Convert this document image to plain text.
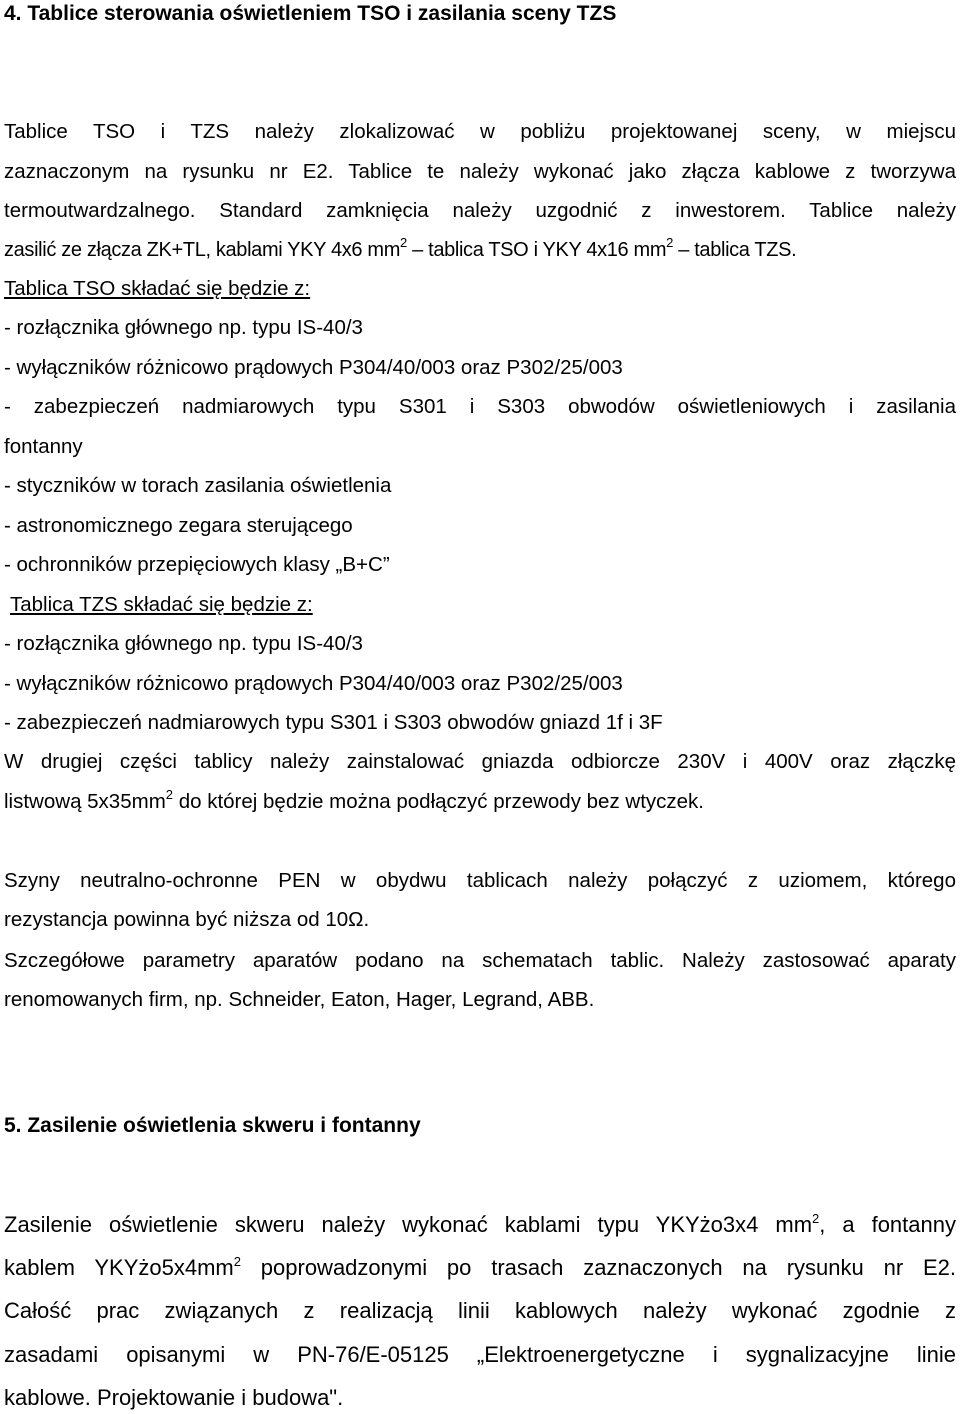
4. Tablice sterowania oświetleniem TSO i zasilania sceny TZS
Tablice TSO i TZS należy zlokalizować w pobliżu projektowanej sceny, w miejscu
zaznaczonym na rysunku nr E2. Tablice te należy wykonać jako złącza kablowe z tworzywa
termoutwardzalnego. Standard zamknięcia należy uzgodnić z inwestorem. Tablice należy
zasilić ze złącza ZK+TL, kablami YKY 4x6 $mm^2$ – tablica TSO i YKY 4x16 $mm^2$ – tablica TZS.
Tablica TSO składać się będzie z:
- rozłącznika głównego np. typu IS-40/3
- wyłączników różnicowo prądowych P304/40/003 oraz P302/25/003
- zabezpieczeń nadmiarowych typu S301 i S303 obwodów oświetleniowych i zasilania
fontanny
- styczników w torach zasilania oświetlenia
- astronomicznego zegara sterującego
- ochronników przepięciowych klasy „B+C”
Tablica TZS składać się będzie z:
- rozłącznika głównego np. typu IS-40/3
- wyłączników różnicowo prądowych P304/40/003 oraz P302/25/003
- zabezpieczeń nadmiarowych typu S301 i S303 obwodów gniazd 1f i 3F
W drugiej części tablicy należy zainstalować gniazda odbiorcze 230V i 400V oraz złączkę
listwową $5x35mm^2$ do której będzie można podłączyć przewody bez wtyczek.
Szyny neutralno-ochronne PEN w obydwu tablicach należy połączyć z uziomem, którego
rezystancja powinna być niższa od 10Ω.
Szczegółowe parametry aparatów podano na schematach tablic. Należy zastosować aparaty
renomowanych firm, np. Schneider, Eaton, Hager, Legrand, ABB.
5. Zasilenie oświetlenia skweru i fontanny
Zasilenie oświetlenie skweru należy wykonać kablami typu YKYżo3x4 $mm^2$, a fontanny
kablem $YKYżo5x4mm^2$ poprowadzonymi po trasach zaznaczonych na rysunku nr E2.
Całość prac związanych z realizacją linii kablowych należy wykonać zgodnie z
zasadami opisanymi w PN-76/E-05125 „Elektroenergetyczne i sygnalizacyjne linie
kablowe. Projektowanie i budowa".
